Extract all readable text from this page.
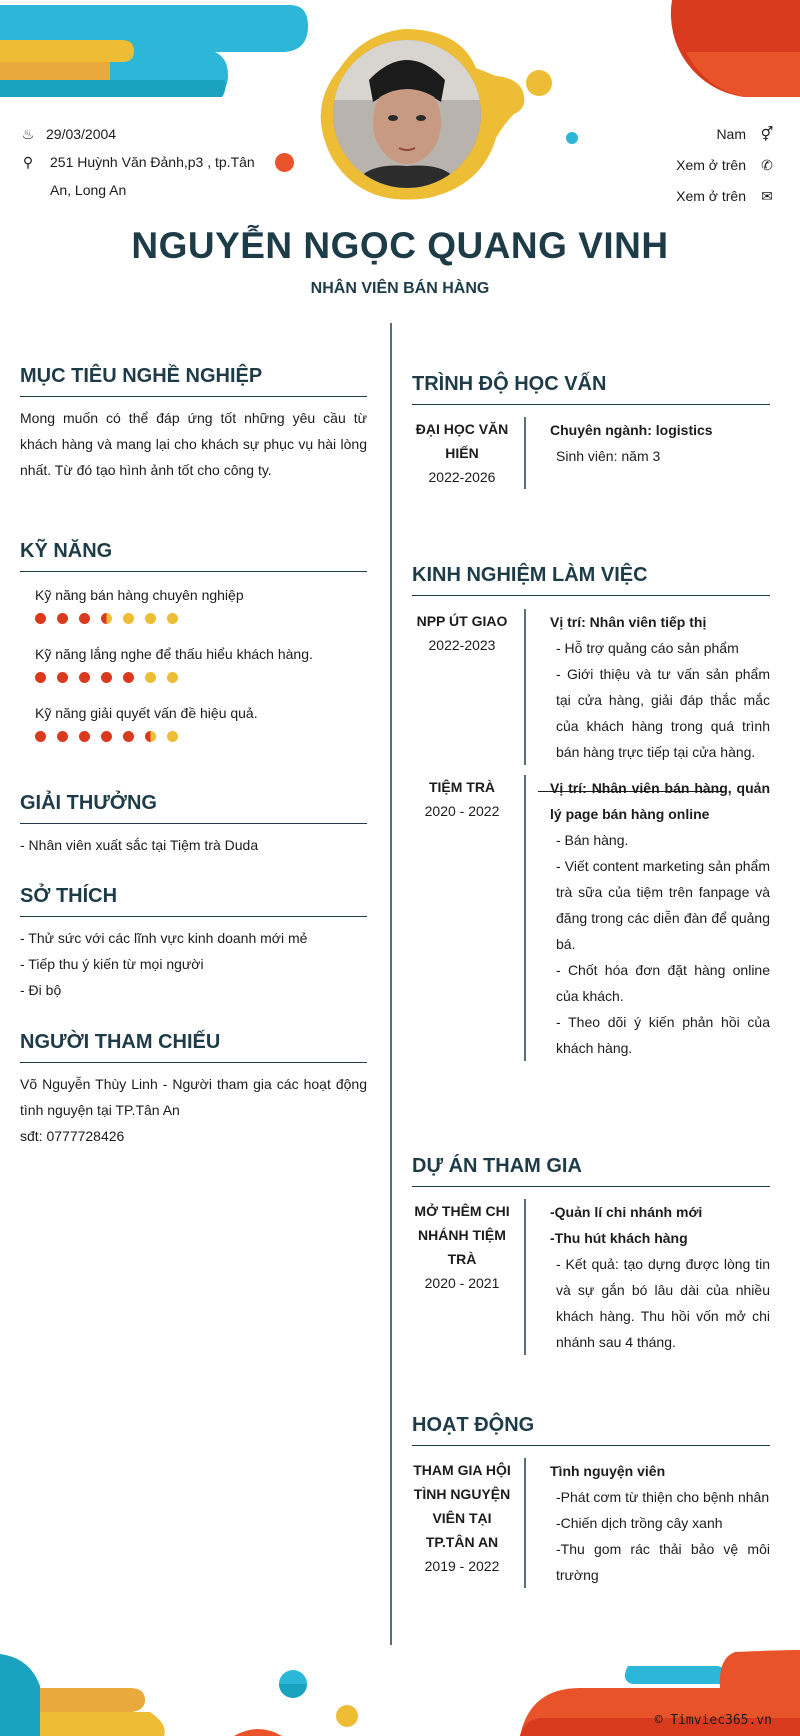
♨ 29/03/2004
⚲ 251 Huỳnh Văn Đảnh,p3 , tp.Tân An, Long An
Nam ⚥
Xem ở trên ✆
Xem ở trên ✉
NGUYỄN NGỌC QUANG VINH
NHÂN VIÊN BÁN HÀNG
MỤC TIÊU NGHỀ NGHIỆP
Mong muốn có thể đáp ứng tốt những yêu cầu từ khách hàng và mang lại cho khách sự phục vụ hài lòng nhất. Từ đó tạo hình ảnh tốt cho công ty.
KỸ NĂNG
Kỹ năng bán hàng chuyên nghiệp
Kỹ năng lắng nghe để thấu hiểu khách hàng.
Kỹ năng giải quyết vấn đề hiệu quả.
GIẢI THƯỞNG
- Nhân viên xuất sắc tại Tiệm trà Duda
SỞ THÍCH
- Thử sức với các lĩnh vực kinh doanh mới mẻ
- Tiếp thu ý kiến từ mọi người
- Đi bộ
NGƯỜI THAM CHIẾU
Võ Nguyễn Thùy Linh - Người tham gia các hoạt động tình nguyện tại TP.Tân An
sđt: 0777728426
TRÌNH ĐỘ HỌC VẤN
ĐẠI HỌC VĂN HIẾN
2022-2026
Chuyên ngành: logistics
Sinh viên: năm 3
KINH NGHIỆM LÀM VIỆC
NPP ÚT GIAO
2022-2023
Vị trí: Nhân viên tiếp thị
- Hỗ trợ quảng cáo sản phẩm
- Giới thiệu và tư vấn sản phẩm tại cửa hàng, giải đáp thắc mắc của khách hàng trong quá trình bán hàng trực tiếp tại cửa hàng.
TIỆM TRÀ
2020 - 2022
Vị trí: Nhân viên bán hàng, quản lý page bán hàng online
- Bán hàng.
- Viết content marketing sản phẩm trà sữa của tiệm trên fanpage và đăng trong các diễn đàn để quảng bá.
- Chốt hóa đơn đặt hàng online của khách.
- Theo dõi ý kiến phản hồi của khách hàng.
DỰ ÁN THAM GIA
MỞ THÊM CHI NHÁNH TIỆM TRÀ
2020 - 2021
-Quản lí chi nhánh mới
-Thu hút khách hàng
- Kết quả: tạo dựng được lòng tin và sự gắn bó lâu dài của nhiều khách hàng. Thu hồi vốn mở chi nhánh sau 4 tháng.
HOẠT ĐỘNG
THAM GIA HỘI TÌNH NGUYỆN VIÊN TẠI TP.TÂN AN
2019 - 2022
Tình nguyện viên
-Phát cơm từ thiện cho bệnh nhân
-Chiến dịch trồng cây xanh
-Thu gom rác thải bảo vệ môi trường
© Timviec365.vn
